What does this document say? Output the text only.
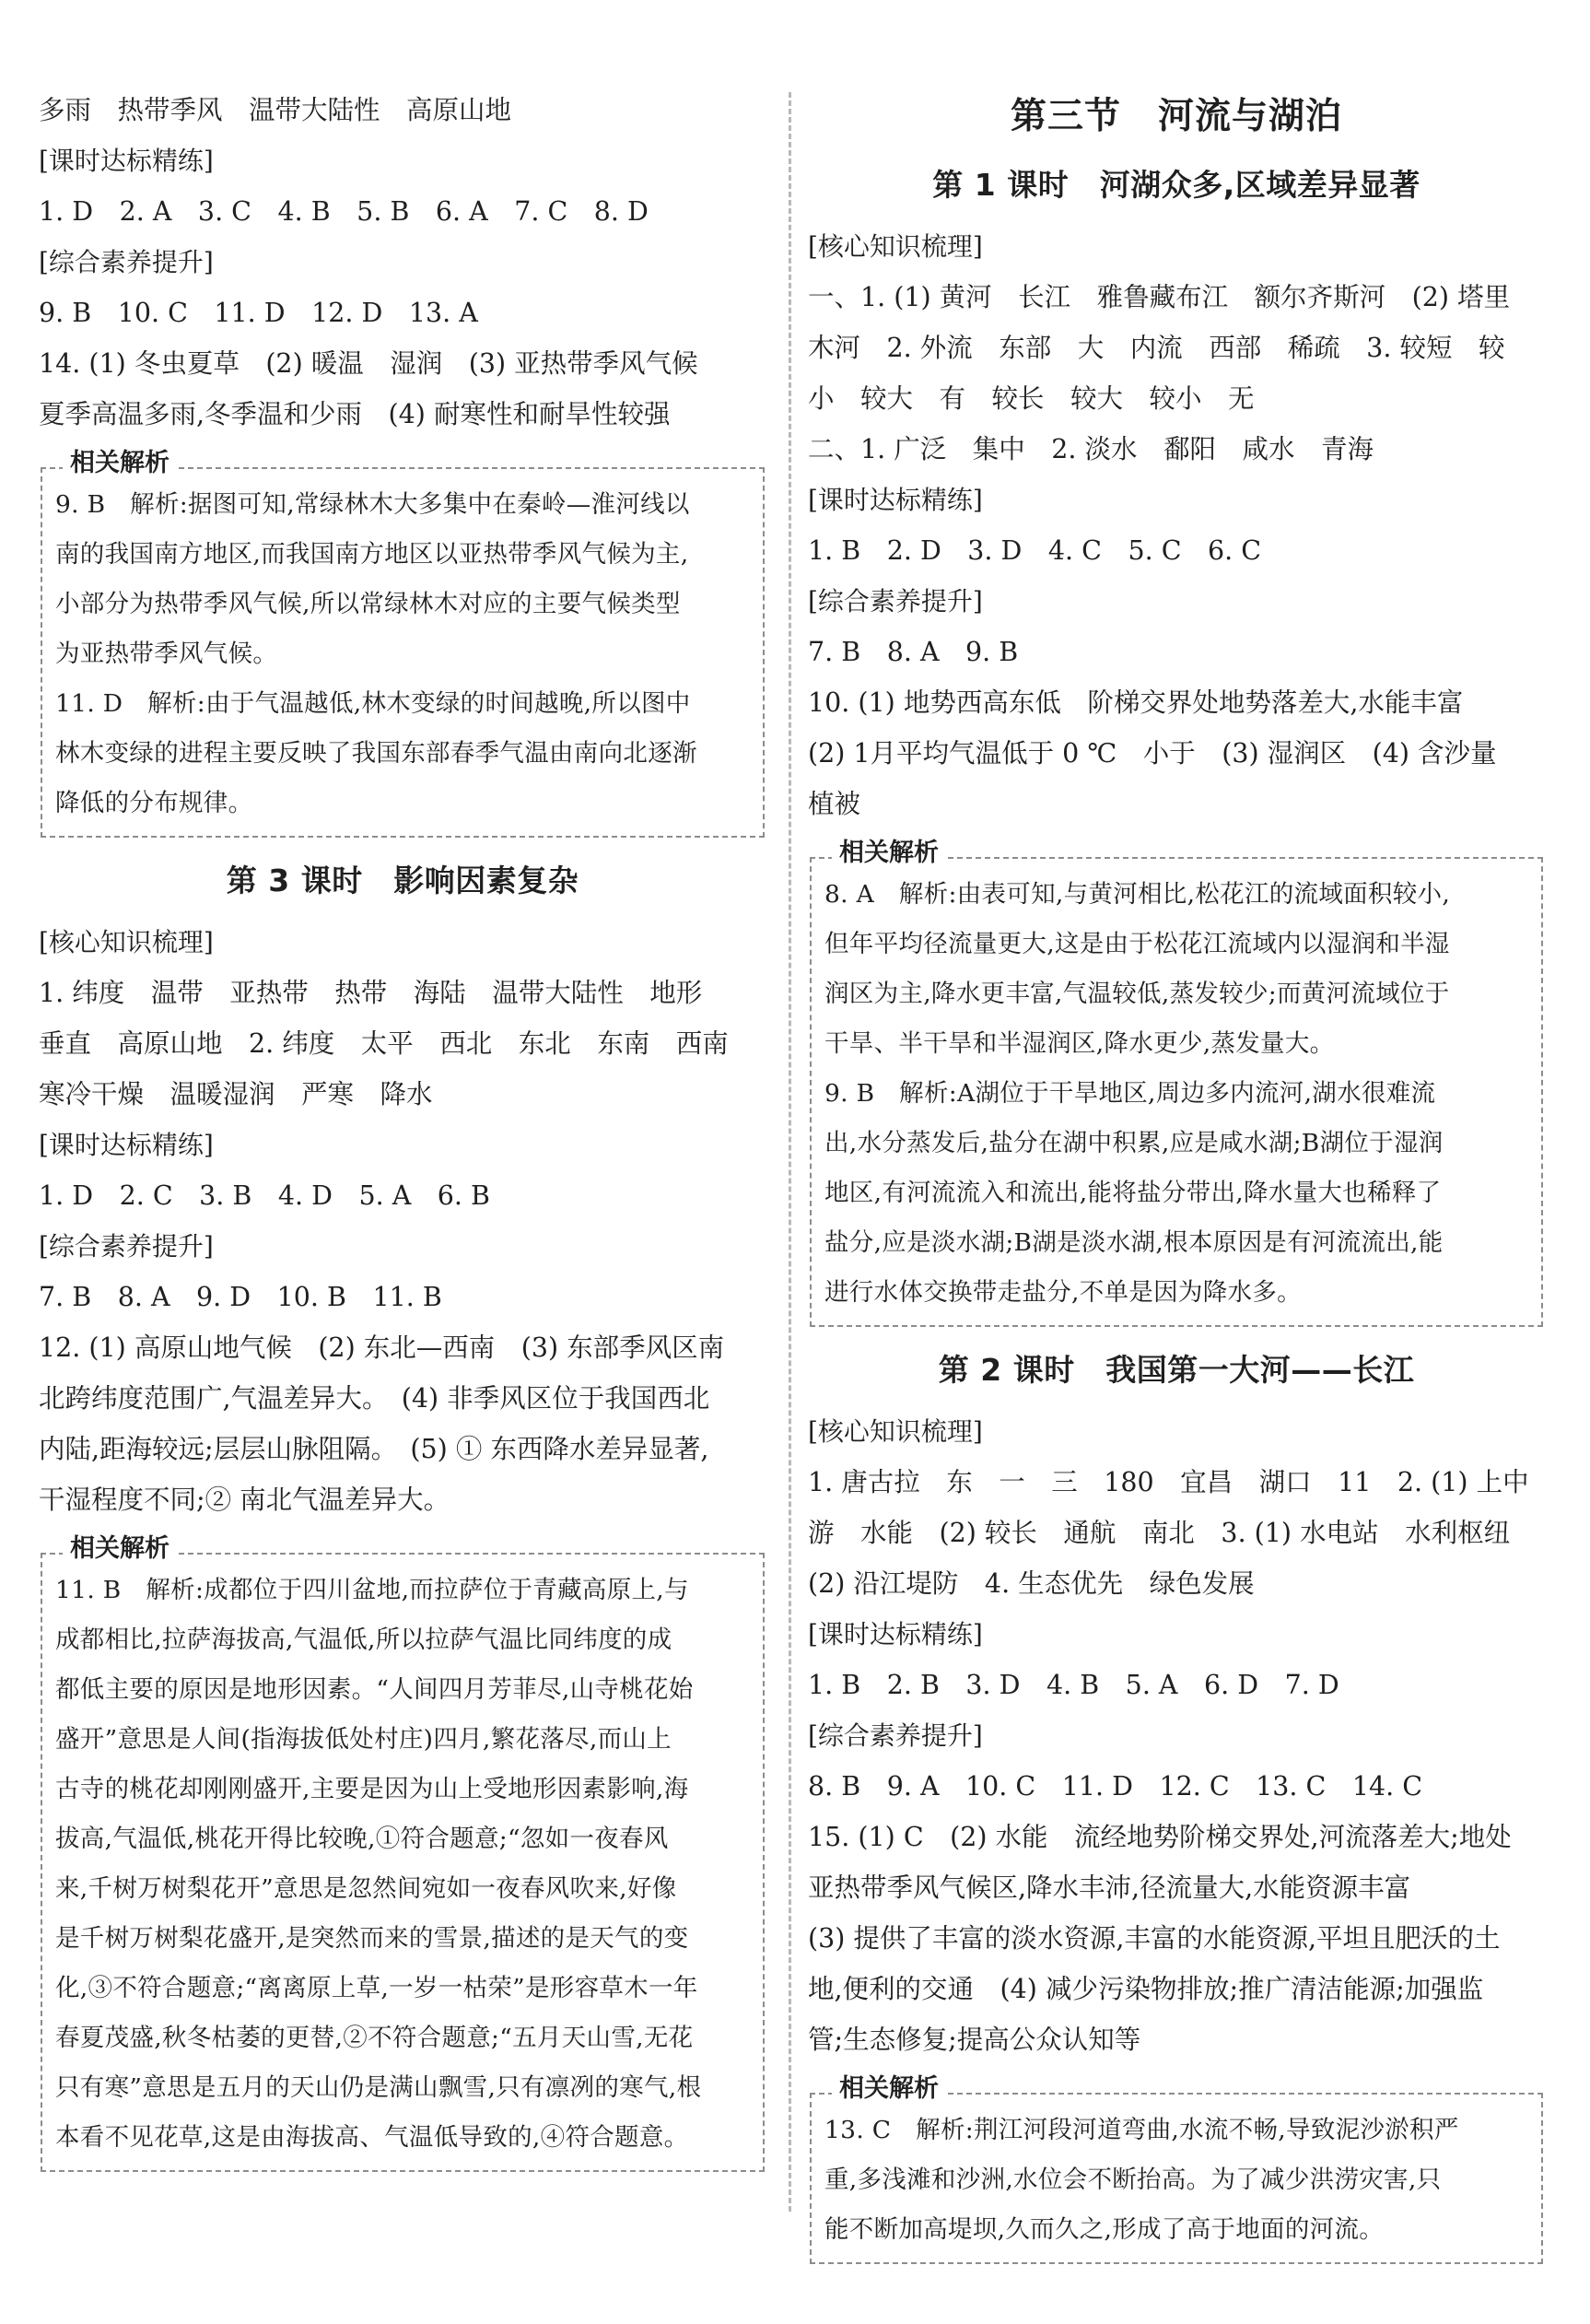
多雨　热带季风　温带大陆性　高原山地
[课时达标精练]
1. D　2. A　3. C　4. B　5. B　6. A　7. C　8. D
[综合素养提升]
9. B　10. C　11. D　12. D　13. A
14. (1) 冬虫夏草　(2) 暖温　湿润　(3) 亚热带季风气候
夏季高温多雨,冬季温和少雨　(4) 耐寒性和耐旱性较强
相关解析
9. B　解析:据图可知,常绿林木大多集中在秦岭—淮河线以
南的我国南方地区,而我国南方地区以亚热带季风气候为主,
小部分为热带季风气候,所以常绿林木对应的主要气候类型
为亚热带季风气候。
11. D　解析:由于气温越低,林木变绿的时间越晚,所以图中
林木变绿的进程主要反映了我国东部春季气温由南向北逐渐
降低的分布规律。
第 3 课时　影响因素复杂
[核心知识梳理]
1. 纬度　温带　亚热带　热带　海陆　温带大陆性　地形
垂直　高原山地　2. 纬度　太平　西北　东北　东南　西南
寒冷干燥　温暖湿润　严寒　降水
[课时达标精练]
1. D　2. C　3. B　4. D　5. A　6. B
[综合素养提升]
7. B　8. A　9. D　10. B　11. B
12. (1) 高原山地气候　(2) 东北—西南　(3) 东部季风区南
北跨纬度范围广,气温差异大。　(4) 非季风区位于我国西北
内陆,距海较远;层层山脉阻隔。　(5) ① 东西降水差异显著,
干湿程度不同;② 南北气温差异大。
相关解析
11. B　解析:成都位于四川盆地,而拉萨位于青藏高原上,与
成都相比,拉萨海拔高,气温低,所以拉萨气温比同纬度的成
都低主要的原因是地形因素。“人间四月芳菲尽,山寺桃花始
盛开”意思是人间(指海拔低处村庄)四月,繁花落尽,而山上
古寺的桃花却刚刚盛开,主要是因为山上受地形因素影响,海
拔高,气温低,桃花开得比较晚,①符合题意;“忽如一夜春风
来,千树万树梨花开”意思是忽然间宛如一夜春风吹来,好像
是千树万树梨花盛开,是突然而来的雪景,描述的是天气的变
化,③不符合题意;“离离原上草,一岁一枯荣”是形容草木一年
春夏茂盛,秋冬枯萎的更替,②不符合题意;“五月天山雪,无花
只有寒”意思是五月的天山仍是满山飘雪,只有凛冽的寒气,根
本看不见花草,这是由海拔高、气温低导致的,④符合题意。
第三节　河流与湖泊
第 1 课时　河湖众多,区域差异显著
[核心知识梳理]
一、1. (1) 黄河　长江　雅鲁藏布江　额尔齐斯河　(2) 塔里
木河　2. 外流　东部　大　内流　西部　稀疏　3. 较短　较
小　较大　有　较长　较大　较小　无
二、1. 广泛　集中　2. 淡水　鄱阳　咸水　青海
[课时达标精练]
1. B　2. D　3. D　4. C　5. C　6. C
[综合素养提升]
7. B　8. A　9. B
10. (1) 地势西高东低　阶梯交界处地势落差大,水能丰富
(2) 1月平均气温低于 0 ℃　小于　(3) 湿润区　(4) 含沙量
植被
相关解析
8. A　解析:由表可知,与黄河相比,松花江的流域面积较小,
但年平均径流量更大,这是由于松花江流域内以湿润和半湿
润区为主,降水更丰富,气温较低,蒸发较少;而黄河流域位于
干旱、半干旱和半湿润区,降水更少,蒸发量大。
9. B　解析:A湖位于干旱地区,周边多内流河,湖水很难流
出,水分蒸发后,盐分在湖中积累,应是咸水湖;B湖位于湿润
地区,有河流流入和流出,能将盐分带出,降水量大也稀释了
盐分,应是淡水湖;B湖是淡水湖,根本原因是有河流流出,能
进行水体交换带走盐分,不单是因为降水多。
第 2 课时　我国第一大河——长江
[核心知识梳理]
1. 唐古拉　东　一　三　180　宜昌　湖口　11　2. (1) 上中
游　水能　(2) 较长　通航　南北　3. (1) 水电站　水利枢纽
(2) 沿江堤防　4. 生态优先　绿色发展
[课时达标精练]
1. B　2. B　3. D　4. B　5. A　6. D　7. D
[综合素养提升]
8. B　9. A　10. C　11. D　12. C　13. C　14. C
15. (1) C　(2) 水能　流经地势阶梯交界处,河流落差大;地处
亚热带季风气候区,降水丰沛,径流量大,水能资源丰富
(3) 提供了丰富的淡水资源,丰富的水能资源,平坦且肥沃的土
地,便利的交通　(4) 减少污染物排放;推广清洁能源;加强监
管;生态修复;提高公众认知等
相关解析
13. C　解析:荆江河段河道弯曲,水流不畅,导致泥沙淤积严
重,多浅滩和沙洲,水位会不断抬高。为了减少洪涝灾害,只
能不断加高堤坝,久而久之,形成了高于地面的河流。
